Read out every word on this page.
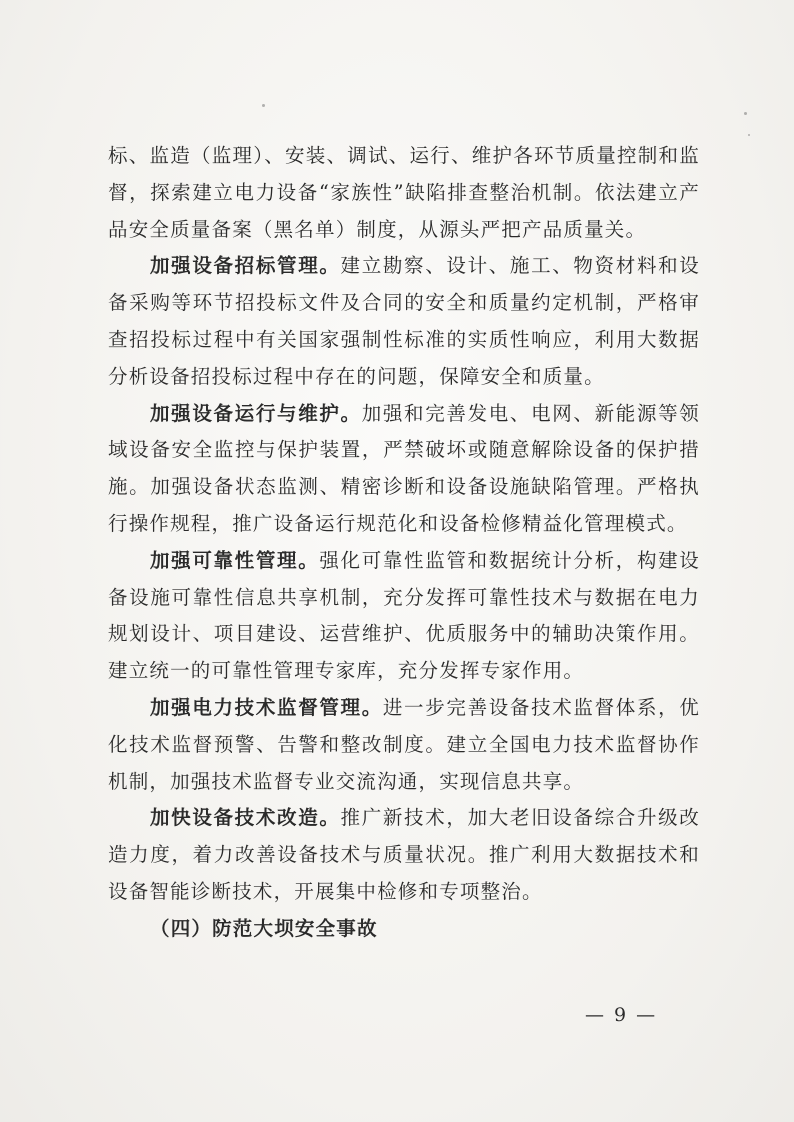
标、监造（监理）、安装、调试、运行、维护各环节质量控制和监督，探索建立电力设备“家族性”缺陷排查整治机制。依法建立产品安全质量备案（黑名单）制度，从源头严把产品质量关。

加强设备招标管理。建立勘察、设计、施工、物资材料和设备采购等环节招投标文件及合同的安全和质量约定机制，严格审查招投标过程中有关国家强制性标准的实质性响应，利用大数据分析设备招投标过程中存在的问题，保障安全和质量。

加强设备运行与维护。加强和完善发电、电网、新能源等领域设备安全监控与保护装置，严禁破坏或随意解除设备的保护措施。加强设备状态监测、精密诊断和设备设施缺陷管理。严格执行操作规程，推广设备运行规范化和设备检修精益化管理模式。

加强可靠性管理。强化可靠性监管和数据统计分析，构建设备设施可靠性信息共享机制，充分发挥可靠性技术与数据在电力规划设计、项目建设、运营维护、优质服务中的辅助决策作用。建立统一的可靠性管理专家库，充分发挥专家作用。

加强电力技术监督管理。进一步完善设备技术监督体系，优化技术监督预警、告警和整改制度。建立全国电力技术监督协作机制，加强技术监督专业交流沟通，实现信息共享。

加快设备技术改造。推广新技术，加大老旧设备综合升级改造力度，着力改善设备技术与质量状况。推广利用大数据技术和设备智能诊断技术，开展集中检修和专项整治。

（四）防范大坝安全事故

— 9 —
